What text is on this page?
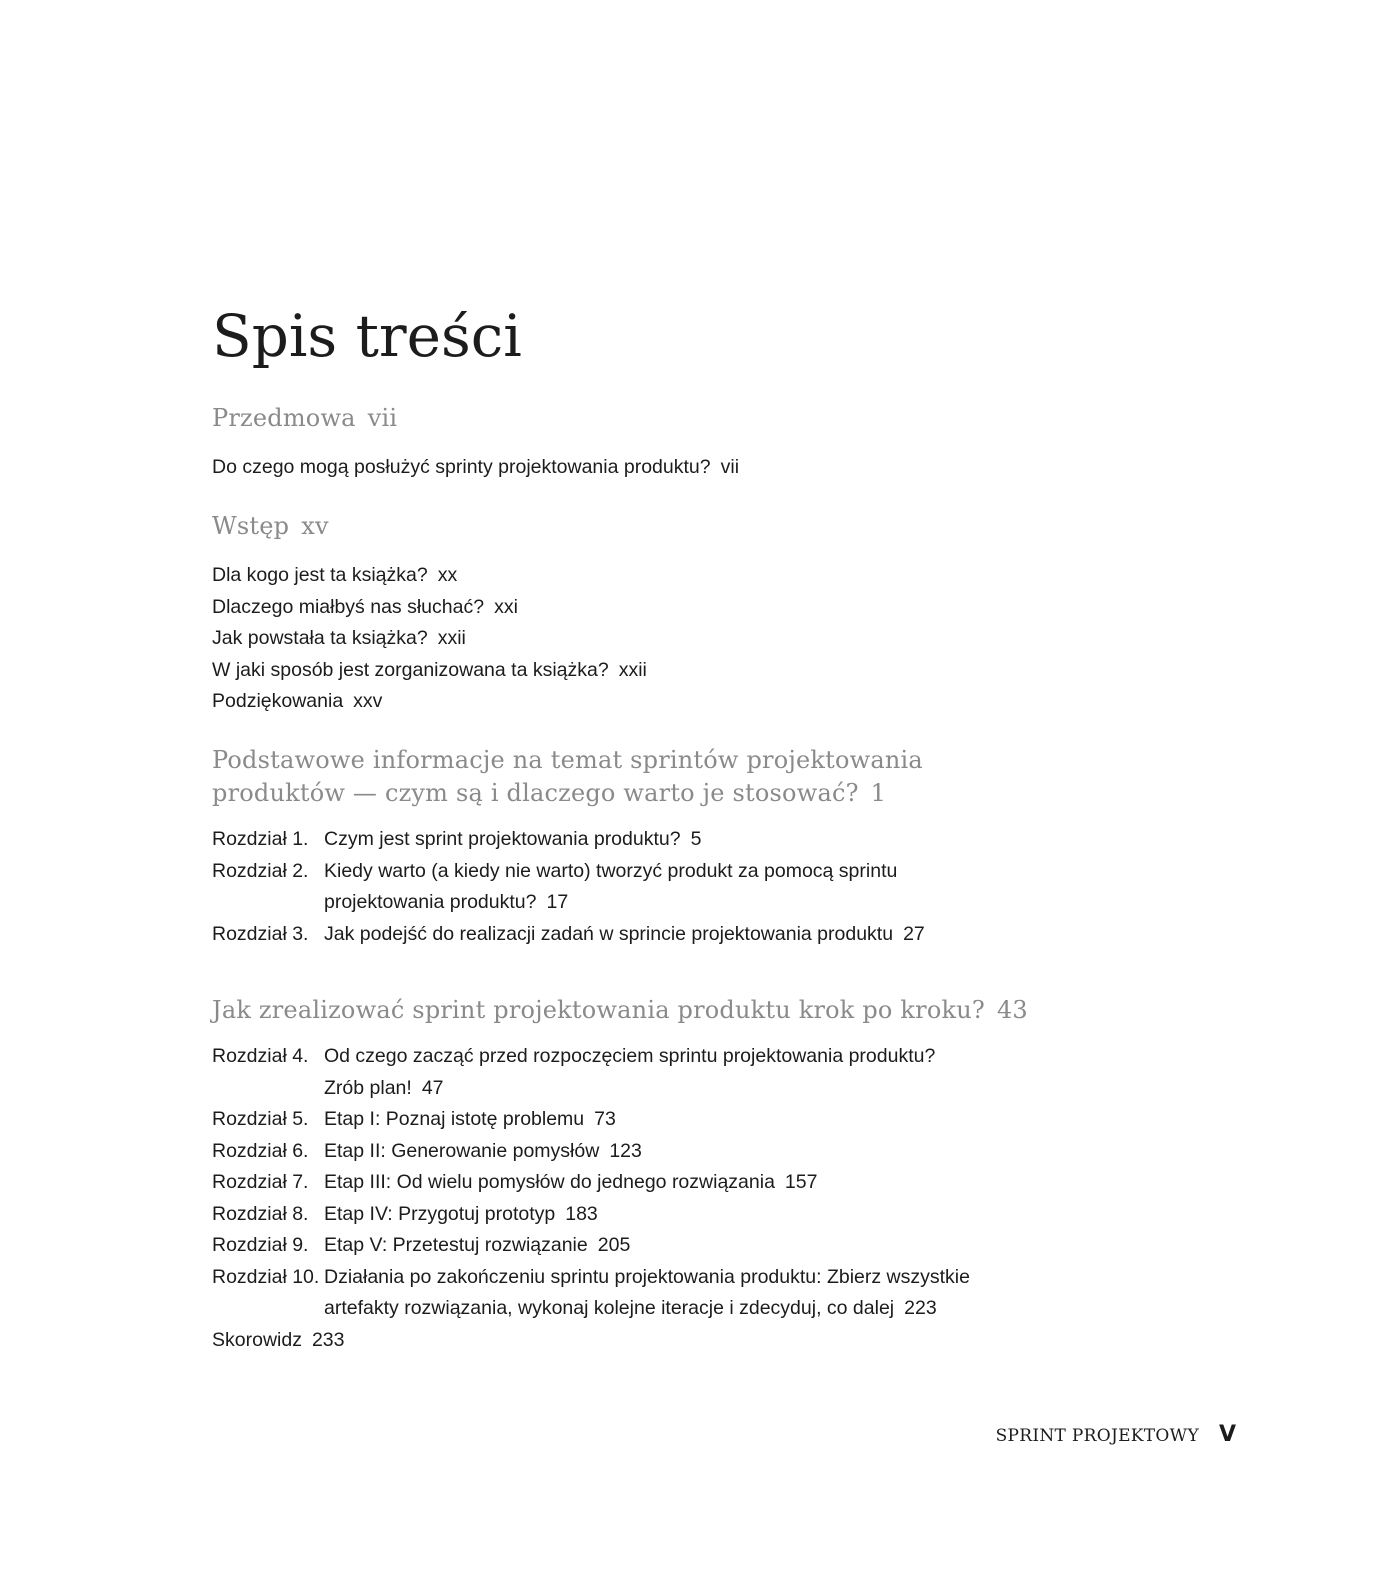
Spis treści
Przedmowa vii
Do czego mogą posłużyć sprinty projektowania produktu? vii
Wstęp xv
Dla kogo jest ta książka? xx
Dlaczego miałbyś nas słuchać? xxi
Jak powstała ta książka? xxii
W jaki sposób jest zorganizowana ta książka? xxii
Podziękowania xxv
Podstawowe informacje na temat sprintów projektowania produktów — czym są i dlaczego warto je stosować? 1
Rozdział 1. Czym jest sprint projektowania produktu? 5
Rozdział 2. Kiedy warto (a kiedy nie warto) tworzyć produkt za pomocą sprintu projektowania produktu? 17
Rozdział 3. Jak podejść do realizacji zadań w sprincie projektowania produktu 27
Jak zrealizować sprint projektowania produktu krok po kroku? 43
Rozdział 4. Od czego zacząć przed rozpoczęciem sprintu projektowania produktu? Zrób plan! 47
Rozdział 5. Etap I: Poznaj istotę problemu 73
Rozdział 6. Etap II: Generowanie pomysłów 123
Rozdział 7. Etap III: Od wielu pomysłów do jednego rozwiązania 157
Rozdział 8. Etap IV: Przygotuj prototyp 183
Rozdział 9. Etap V: Przetestuj rozwiązanie 205
Rozdział 10. Działania po zakończeniu sprintu projektowania produktu: Zbierz wszystkie artefakty rozwiązania, wykonaj kolejne iteracje i zdecyduj, co dalej 223
Skorowidz 233
SPRINT PROJEKTOWY V
